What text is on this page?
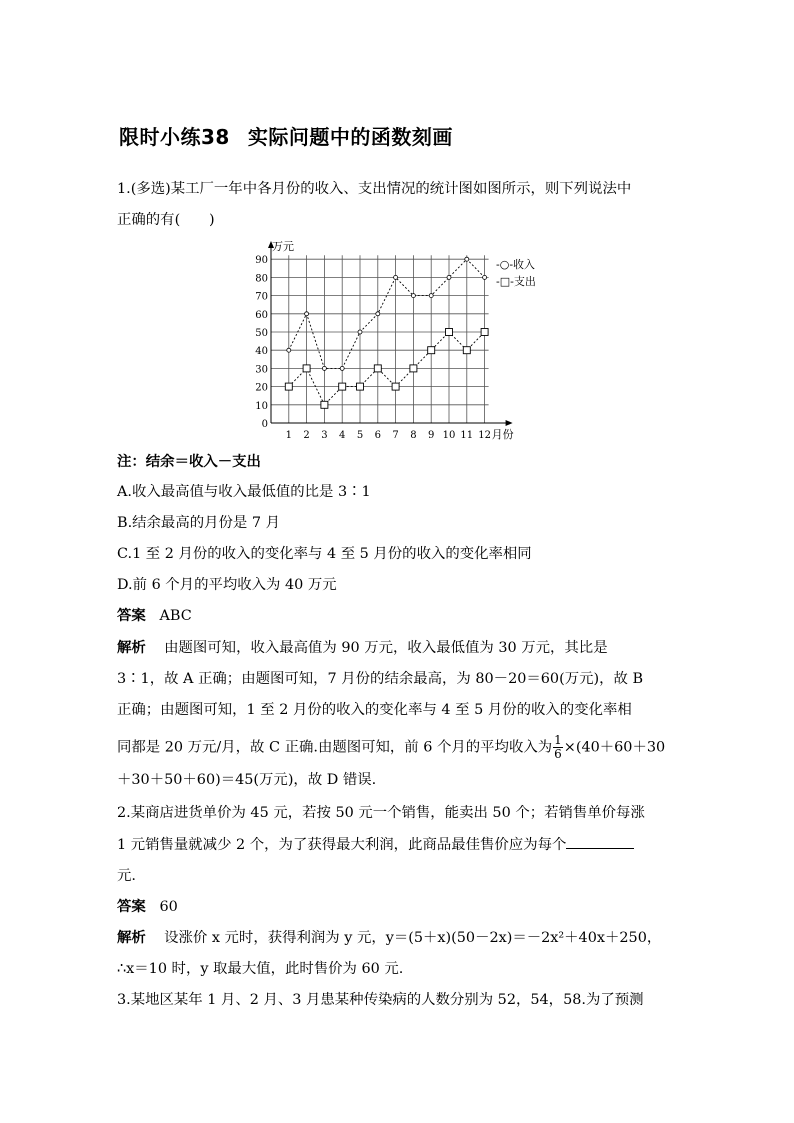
限时小练38 实际问题中的函数刻画
1.(多选)某工厂一年中各月份的收入、支出情况的统计图如图所示，则下列说法中
正确的有(　　)
万元
0
10
20
30
40
50
60
70
80
90
1 2 3 4 5 6 7 8 9 10 11 12 月份
-○-收入
-□-支出
注：结余＝收入－支出
A.收入最高值与收入最低值的比是 3∶1
B.结余最高的月份是 7 月
C.1 至 2 月份的收入的变化率与 4 至 5 月份的收入的变化率相同
D.前 6 个月的平均收入为 40 万元
答案 ABC
解析 由题图可知，收入最高值为 90 万元，收入最低值为 30 万元，其比是
3∶1，故 A 正确；由题图可知，7 月份的结余最高，为 80－20＝60(万元)，故 B
正确；由题图可知，1 至 2 月份的收入的变化率与 4 至 5 月份的收入的变化率相
同都是 20 万元/月，故 C 正确.由题图可知，前 6 个月的平均收入为 $\frac{1}{6} \times(40+60+30$
＋30＋50＋60)＝45(万元)，故 D 错误.
2.某商店进货单价为 45 元，若按 50 元一个销售，能卖出 50 个；若销售单价每涨
1 元销售量就减少 2 个，为了获得最大利润，此商品最佳售价应为每个
元.
答案 60
解析 设涨价 x 元时，获得利润为 y 元，y＝(5＋x)(50－2x)＝－2x²＋40x＋250，
∴x＝10 时，y 取最大值，此时售价为 60 元.
3.某地区某年 1 月、2 月、3 月患某种传染病的人数分别为 52，54，58.为了预测
